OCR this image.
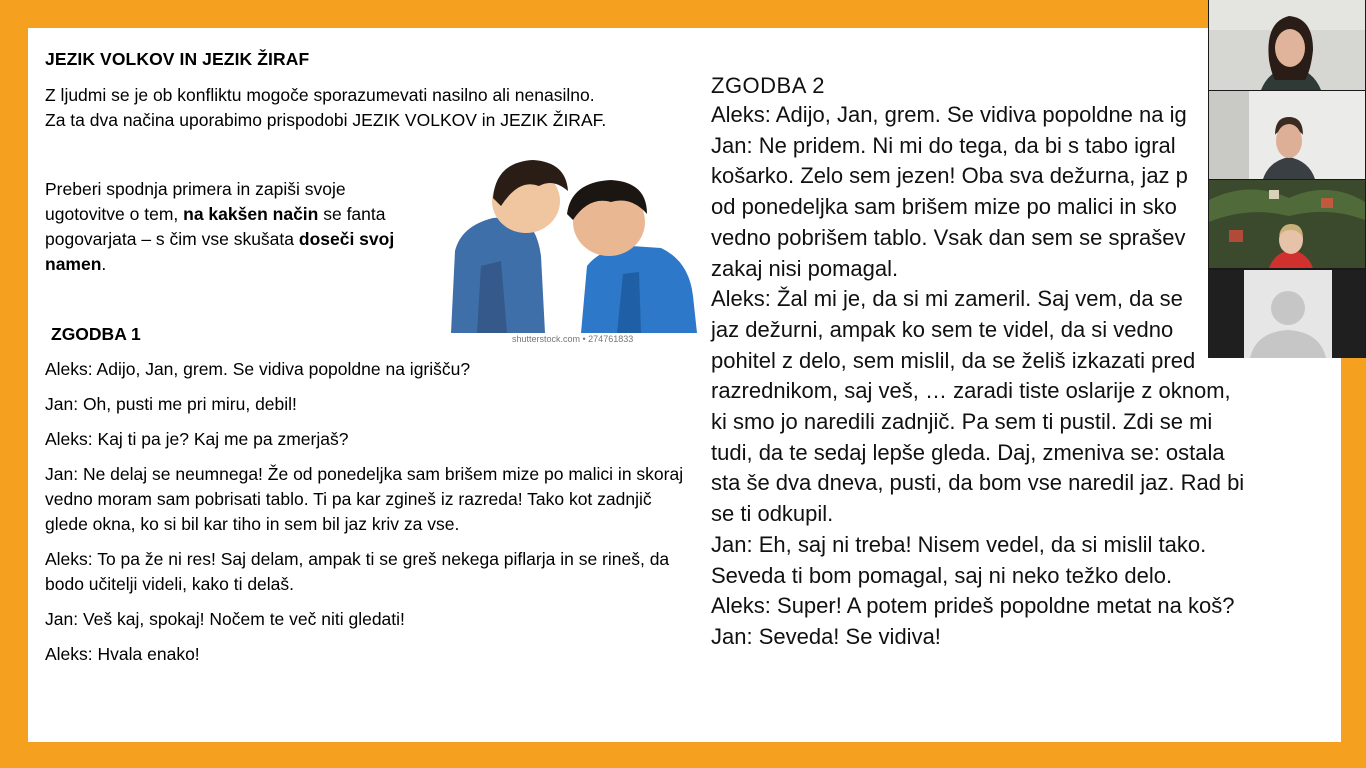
JEZIK VOLKOV IN JEZIK ŽIRAF
Z ljudmi se je ob konfliktu mogoče sporazumevati nasilno ali nenasilno.
Za ta dva načina uporabimo prispodobi JEZIK VOLKOV in JEZIK ŽIRAF.
Preberi spodnja primera in zapiši svoje ugotovitve o tem, na kakšen način se fanta pogovarjata – s čim vse skušata doseči svoj namen.
shutterstock.com • 274761833
ZGODBA 1

Aleks: Adijo, Jan, grem. Se vidiva popoldne na igrišču?

Jan: Oh, pusti me pri miru, debil!

Aleks: Kaj ti pa je? Kaj me pa zmerjaš?

Jan: Ne delaj se neumnega! Že od ponedeljka sam brišem mize po malici in skoraj vedno moram sam pobrisati tablo. Ti pa kar zgineš iz razreda! Tako kot zadnjič glede okna, ko si bil kar tiho in sem bil jaz kriv za vse.

Aleks: To pa že ni res! Saj delam, ampak ti se greš nekega piflarja in se rineš, da bodo učitelji videli, kako ti delaš.

Jan: Veš kaj, spokaj! Nočem te več niti gledati!

Aleks: Hvala enako!

ZGODBA 2
Aleks: Adijo, Jan, grem. Se vidiva popoldne na ig
Jan: Ne pridem. Ni mi do tega, da bi s tabo igral
košarko. Zelo sem jezen! Oba sva dežurna, jaz p
od ponedeljka sam brišem mize po malici in sko
vedno pobrišem tablo. Vsak dan sem se sprašev
zakaj nisi pomagal.
Aleks: Žal mi je, da si mi zameril. Saj vem, da se
jaz dežurni, ampak ko sem te videl, da si vedno
pohitel z delo, sem mislil, da se želiš izkazati pred
razrednikom, saj veš, … zaradi tiste oslarije z oknom,
ki smo jo naredili zadnjič. Pa sem ti pustil. Zdi se mi
tudi, da te sedaj lepše gleda. Daj, zmeniva se: ostala
sta še dva dneva, pusti, da bom vse naredil jaz. Rad bi
se ti odkupil.
Jan: Eh, saj ni treba! Nisem vedel, da si mislil tako.
Seveda ti bom pomagal, saj ni neko težko delo.
Aleks: Super! A potem prideš popoldne metat na koš?
Jan: Seveda! Se vidiva!
